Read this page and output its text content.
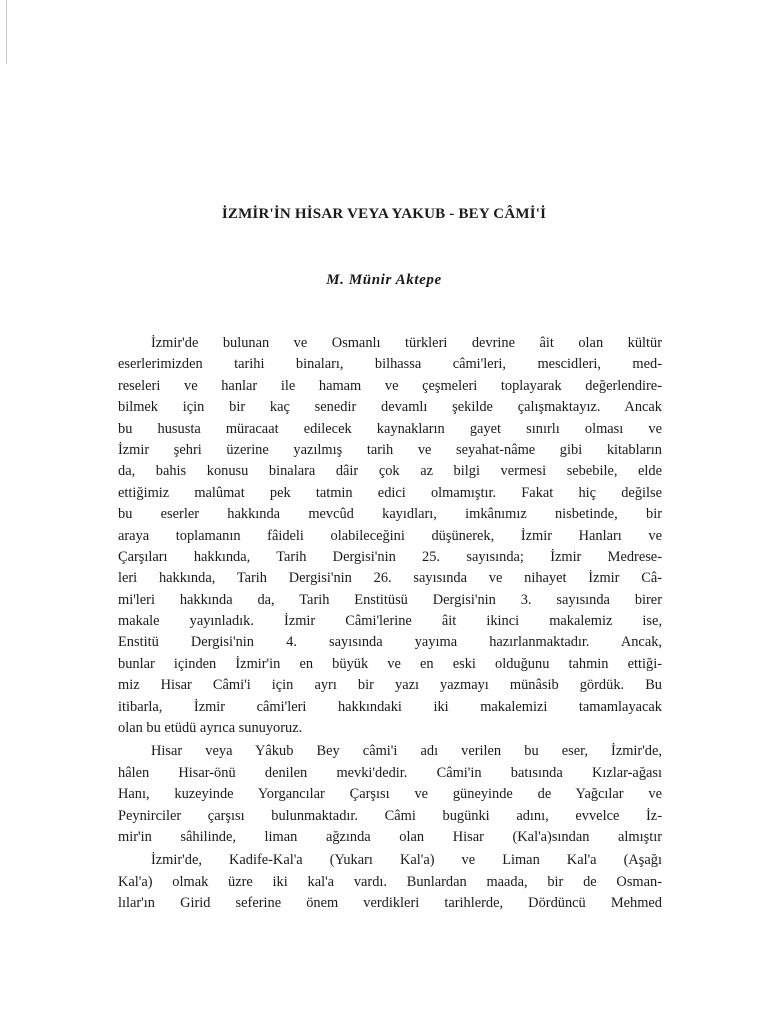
İZMİR'İN HİSAR VEYA YAKUB - BEY CÂMİ'İ
M. Münir Aktepe
İzmir'de bulunan ve Osmanlı türkleri devrine âit olan kültür
eserlerimizden tarihi binaları, bilhassa câmi'leri, mescidleri, med-
reseleri ve hanlar ile hamam ve çeşmeleri toplayarak değerlendire-
bilmek için bir kaç senedir devamlı şekilde çalışmaktayız. Ancak
bu hususta müracaat edilecek kaynakların gayet sınırlı olması ve
İzmir şehri üzerine yazılmış tarih ve seyahat-nâme gibi kitabların
da, bahis konusu binalara dâir çok az bilgi vermesi sebebile, elde
ettiğimiz malûmat pek tatmin edici olmamıştır. Fakat hiç değilse
bu eserler hakkında mevcûd kayıdları, imkânımız nisbetinde, bir
araya toplamanın fâideli olabileceğini düşünerek, İzmir Hanları ve
Çarşıları hakkında, Tarih Dergisi'nin 25. sayısında; İzmir Medrese-
leri hakkında, Tarih Dergisi'nin 26. sayısında ve nihayet İzmir Câ-
mi'leri hakkında da, Tarih Enstitüsü Dergisi'nin 3. sayısında birer
makale yayınladık. İzmir Câmi'lerine âit ikinci makalemiz ise,
Enstitü Dergisi'nin 4. sayısında yayıma hazırlanmaktadır. Ancak,
bunlar içinden İzmir'in en büyük ve en eski olduğunu tahmin ettiği-
miz Hisar Câmi'i için ayrı bir yazı yazmayı münâsib gördük. Bu
itibarla, İzmir câmi'leri hakkındaki iki makalemizi tamamlayacak
olan bu etüdü ayrıca sunuyoruz.
Hisar veya Yâkub Bey câmi'i adı verilen bu eser, İzmir'de,
hâlen Hisar-önü denilen mevki'dedir. Câmi'in batısında Kızlar-ağası
Hanı, kuzeyinde Yorgancılar Çarşısı ve güneyinde de Yağcılar ve
Peynirciler çarşısı bulunmaktadır. Câmi bugünki adını, evvelce İz-
mir'in sâhilinde, liman ağzında olan Hisar (Kal'a)sından almıştır
İzmir'de, Kadife-Kal'a (Yukarı Kal'a) ve Liman Kal'a (Aşağı
Kal'a) olmak üzre iki kal'a vardı. Bunlardan maada, bir de Osman-
lılar'ın Girid seferine önem verdikleri tarihlerde, Dördüncü Mehmed
